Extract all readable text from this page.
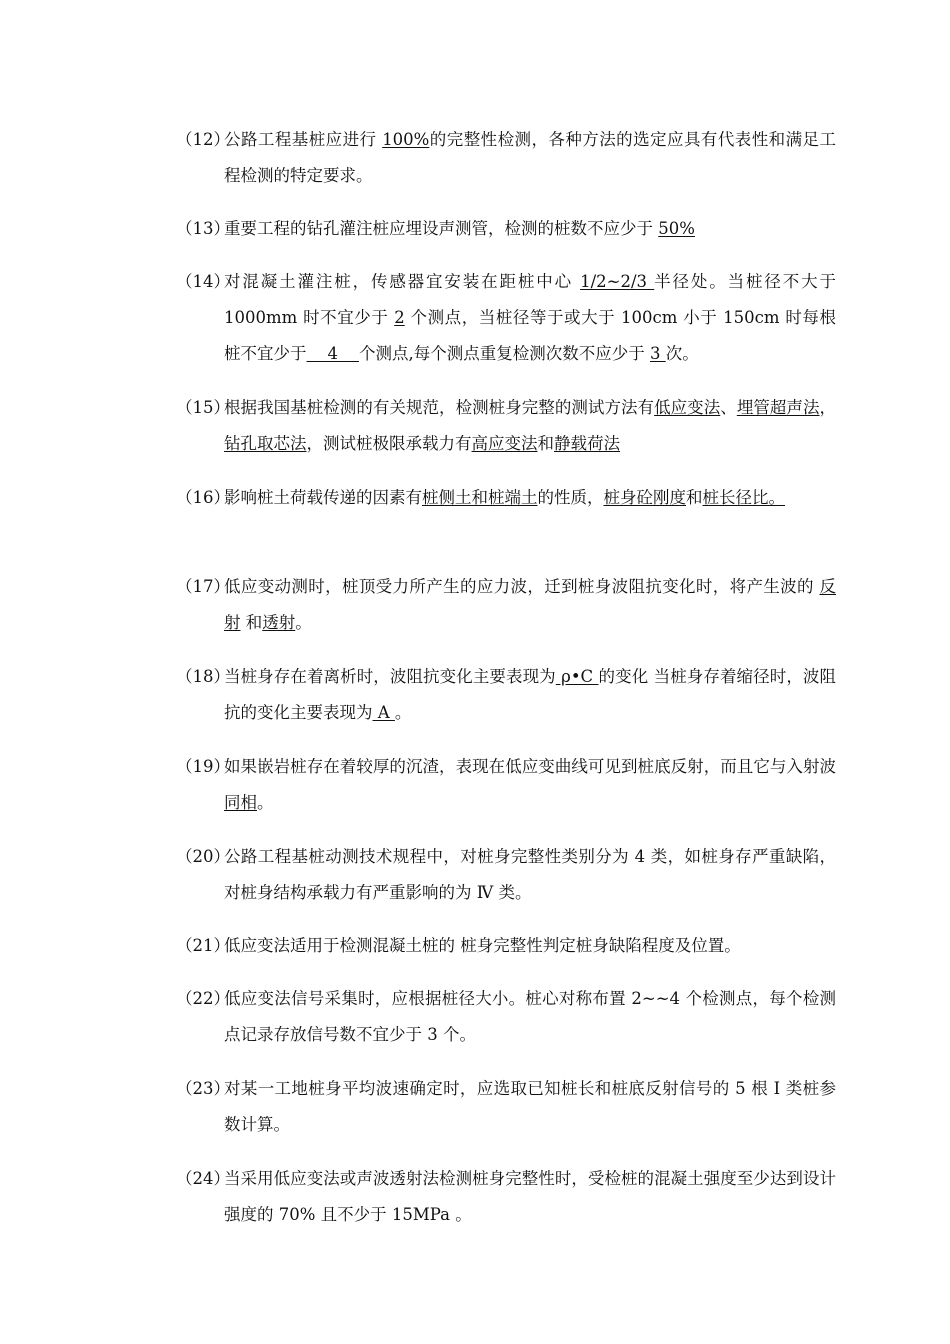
（12）
公路工程基桩应进行 100%的完整性检测，各种方法的选定应具有代表性和满足工程检测的特定要求。
（13）
重要工程的钻孔灌注桩应埋设声测管，检测的桩数不应少于 50%
（14）
对混凝土灌注桩，传感器宜安装在距桩中心 1/2~2/3 半径处。当桩径不大于 1000mm 时不宜少于 2 个测点，当桩径等于或大于 100cm 小于 150cm 时每根桩不宜少于    4    个测点,每个测点重复检测次数不应少于 3 次。
（15）
根据我国基桩检测的有关规范，检测桩身完整的测试方法有低应变法、埋管超声法，钻孔取芯法，测试桩极限承载力有高应变法和静载荷法
（16）
影响桩土荷载传递的因素有桩侧土和桩端土的性质，桩身砼刚度和桩长径比。
（17）
低应变动测时，桩顶受力所产生的应力波，迁到桩身波阻抗变化时，将产生波的 反射 和透射。
（18）
当桩身存在着离析时，波阻抗变化主要表现为 ρ•C 的变化 当桩身存着缩径时，波阻抗的变化主要表现为 A 。
（19）
如果嵌岩桩存在着较厚的沉渣，表现在低应变曲线可见到桩底反射，而且它与入射波同相。
（20）
公路工程基桩动测技术规程中，对桩身完整性类别分为 4 类，如桩身存严重缺陷，对桩身结构承载力有严重影响的为 Ⅳ 类。
（21）
低应变法适用于检测混凝土桩的 桩身完整性判定桩身缺陷程度及位置。
（22）
低应变法信号采集时，应根据桩径大小。桩心对称布置 2~~4 个检测点，每个检测点记录存放信号数不宜少于 3 个。
（23）
对某一工地桩身平均波速确定时，应选取已知桩长和桩底反射信号的 5 根 I 类桩参数计算。
（24）
当采用低应变法或声波透射法检测桩身完整性时，受检桩的混凝土强度至少达到设计强度的 70% 且不少于 15MPa 。
